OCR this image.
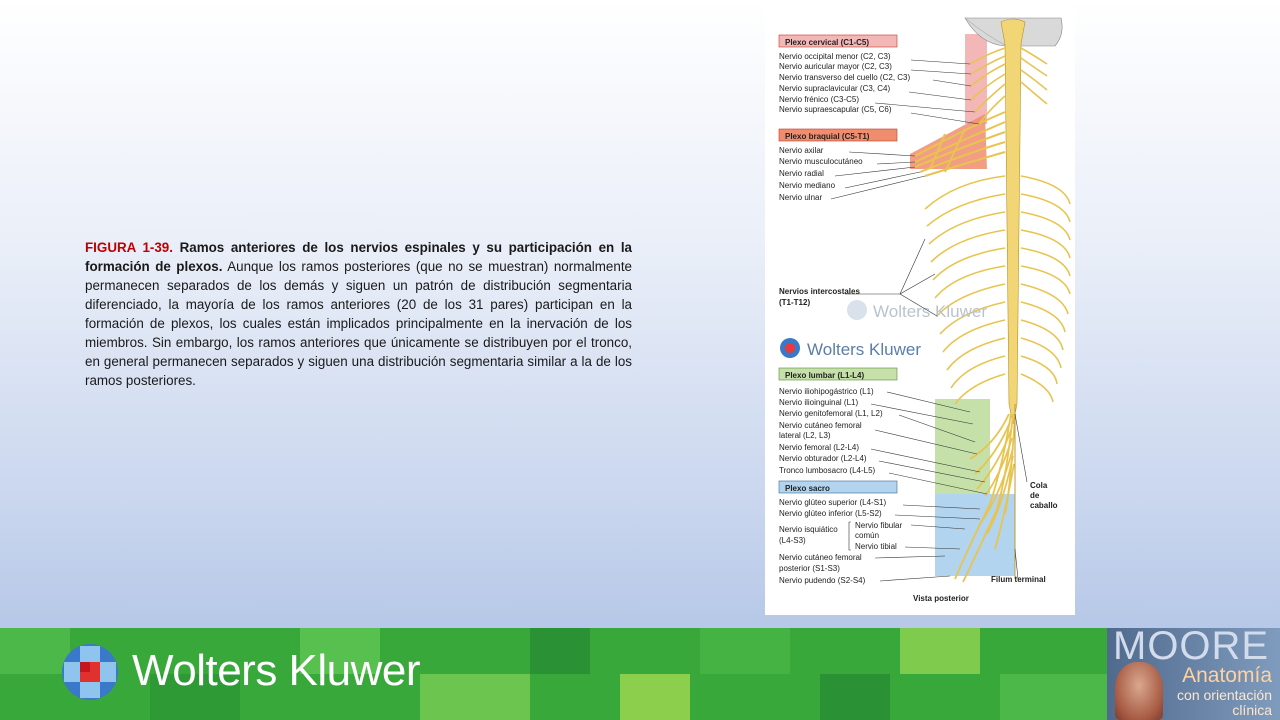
FIGURA 1-39. Ramos anteriores de los nervios espinales y su participación en la formación de plexos. Aunque los ramos posteriores (que no se muestran) normalmente permanecen separados de los demás y siguen un patrón de distribución segmentaria diferenciado, la mayoría de los ramos anteriores (20 de los 31 pares) participan en la formación de plexos, los cuales están implicados principalmente en la inervación de los miembros. Sin embargo, los ramos anteriores que únicamente se distribuyen por el tronco, en general permanecen separados y siguen una distribución segmentaria similar a la de los ramos posteriores.
Wolters Kluwer
Wolters Kluwer
Plexo cervical (C1-C5)
Plexo braquial (C5-T1)
Plexo lumbar (L1-L4)
Plexo sacro
Nervio occipital menor (C2, C3)
Nervio auricular mayor (C2, C3)
Nervio transverso del cuello (C2, C3)
Nervio supraclavicular (C3, C4)
Nervio frénico (C3-C5)
Nervio supraescapular (C5, C6)
Nervio axilar
Nervio musculocutáneo
Nervio radial
Nervio mediano
Nervio ulnar
Nervios intercostales
(T1-T12)
Nervio iliohipogástrico (L1)
Nervio ilioinguinal (L1)
Nervio genitofemoral (L1, L2)
Nervio cutáneo femoral
lateral (L2, L3)
Nervio femoral (L2-L4)
Nervio obturador (L2-L4)
Tronco lumbosacro (L4-L5)
Nervio glúteo superior (L4-S1)
Nervio glúteo inferior (L5-S2)
Nervio isquiático
(L4-S3)
Nervio fibular
común
Nervio tibial
Nervio cutáneo femoral
posterior (S1-S3)
Nervio pudendo (S2-S4)
Cola
de
caballo
Filum terminal
Vista posterior
Wolters Kluwer	MOORE
Anatomía
con orientación
clínica
